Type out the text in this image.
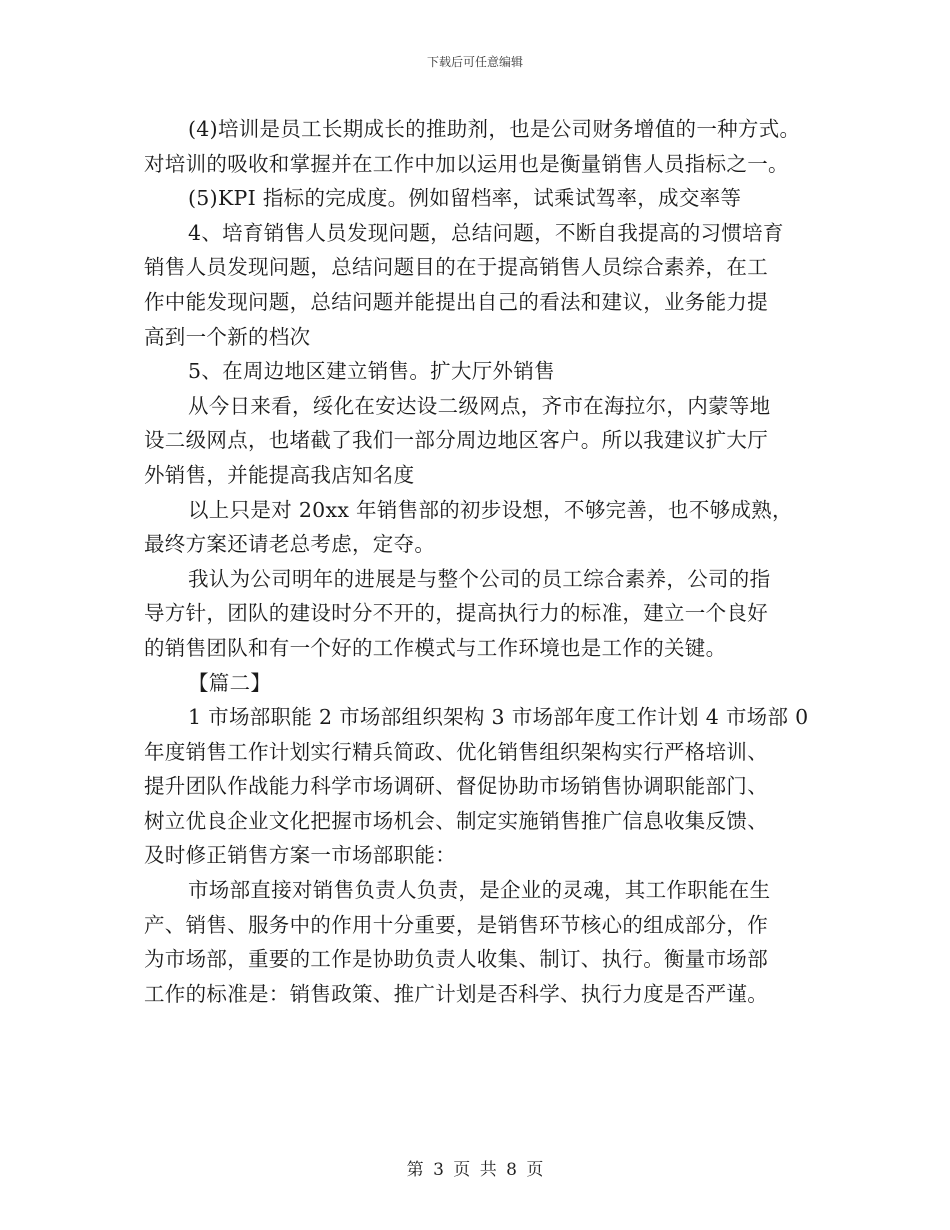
下载后可任意编辑
(4)培训是员工长期成长的推助剂，也是公司财务增值的一种方式。
对培训的吸收和掌握并在工作中加以运用也是衡量销售人员指标之一。
(5)KPI 指标的完成度。例如留档率，试乘试驾率，成交率等
4、培育销售人员发现问题，总结问题，不断自我提高的习惯培育
销售人员发现问题，总结问题目的在于提高销售人员综合素养，在工
作中能发现问题，总结问题并能提出自己的看法和建议，业务能力提
高到一个新的档次
5、在周边地区建立销售。扩大厅外销售
从今日来看，绥化在安达设二级网点，齐市在海拉尔，内蒙等地
设二级网点，也堵截了我们一部分周边地区客户。所以我建议扩大厅
外销售，并能提高我店知名度
以上只是对 20xx 年销售部的初步设想，不够完善，也不够成熟，
最终方案还请老总考虑，定夺。
我认为公司明年的进展是与整个公司的员工综合素养，公司的指
导方针，团队的建设时分不开的，提高执行力的标准，建立一个良好
的销售团队和有一个好的工作模式与工作环境也是工作的关键。
【篇二】
1 市场部职能 2 市场部组织架构 3 市场部年度工作计划 4 市场部 0
年度销售工作计划实行精兵简政、优化销售组织架构实行严格培训、
提升团队作战能力科学市场调研、督促协助市场销售协调职能部门、
树立优良企业文化把握市场机会、制定实施销售推广信息收集反馈、
及时修正销售方案一市场部职能：
市场部直接对销售负责人负责，是企业的灵魂，其工作职能在生
产、销售、服务中的作用十分重要，是销售环节核心的组成部分，作
为市场部，重要的工作是协助负责人收集、制订、执行。衡量市场部
工作的标准是：销售政策、推广计划是否科学、执行力度是否严谨。
第 3 页 共 8 页
